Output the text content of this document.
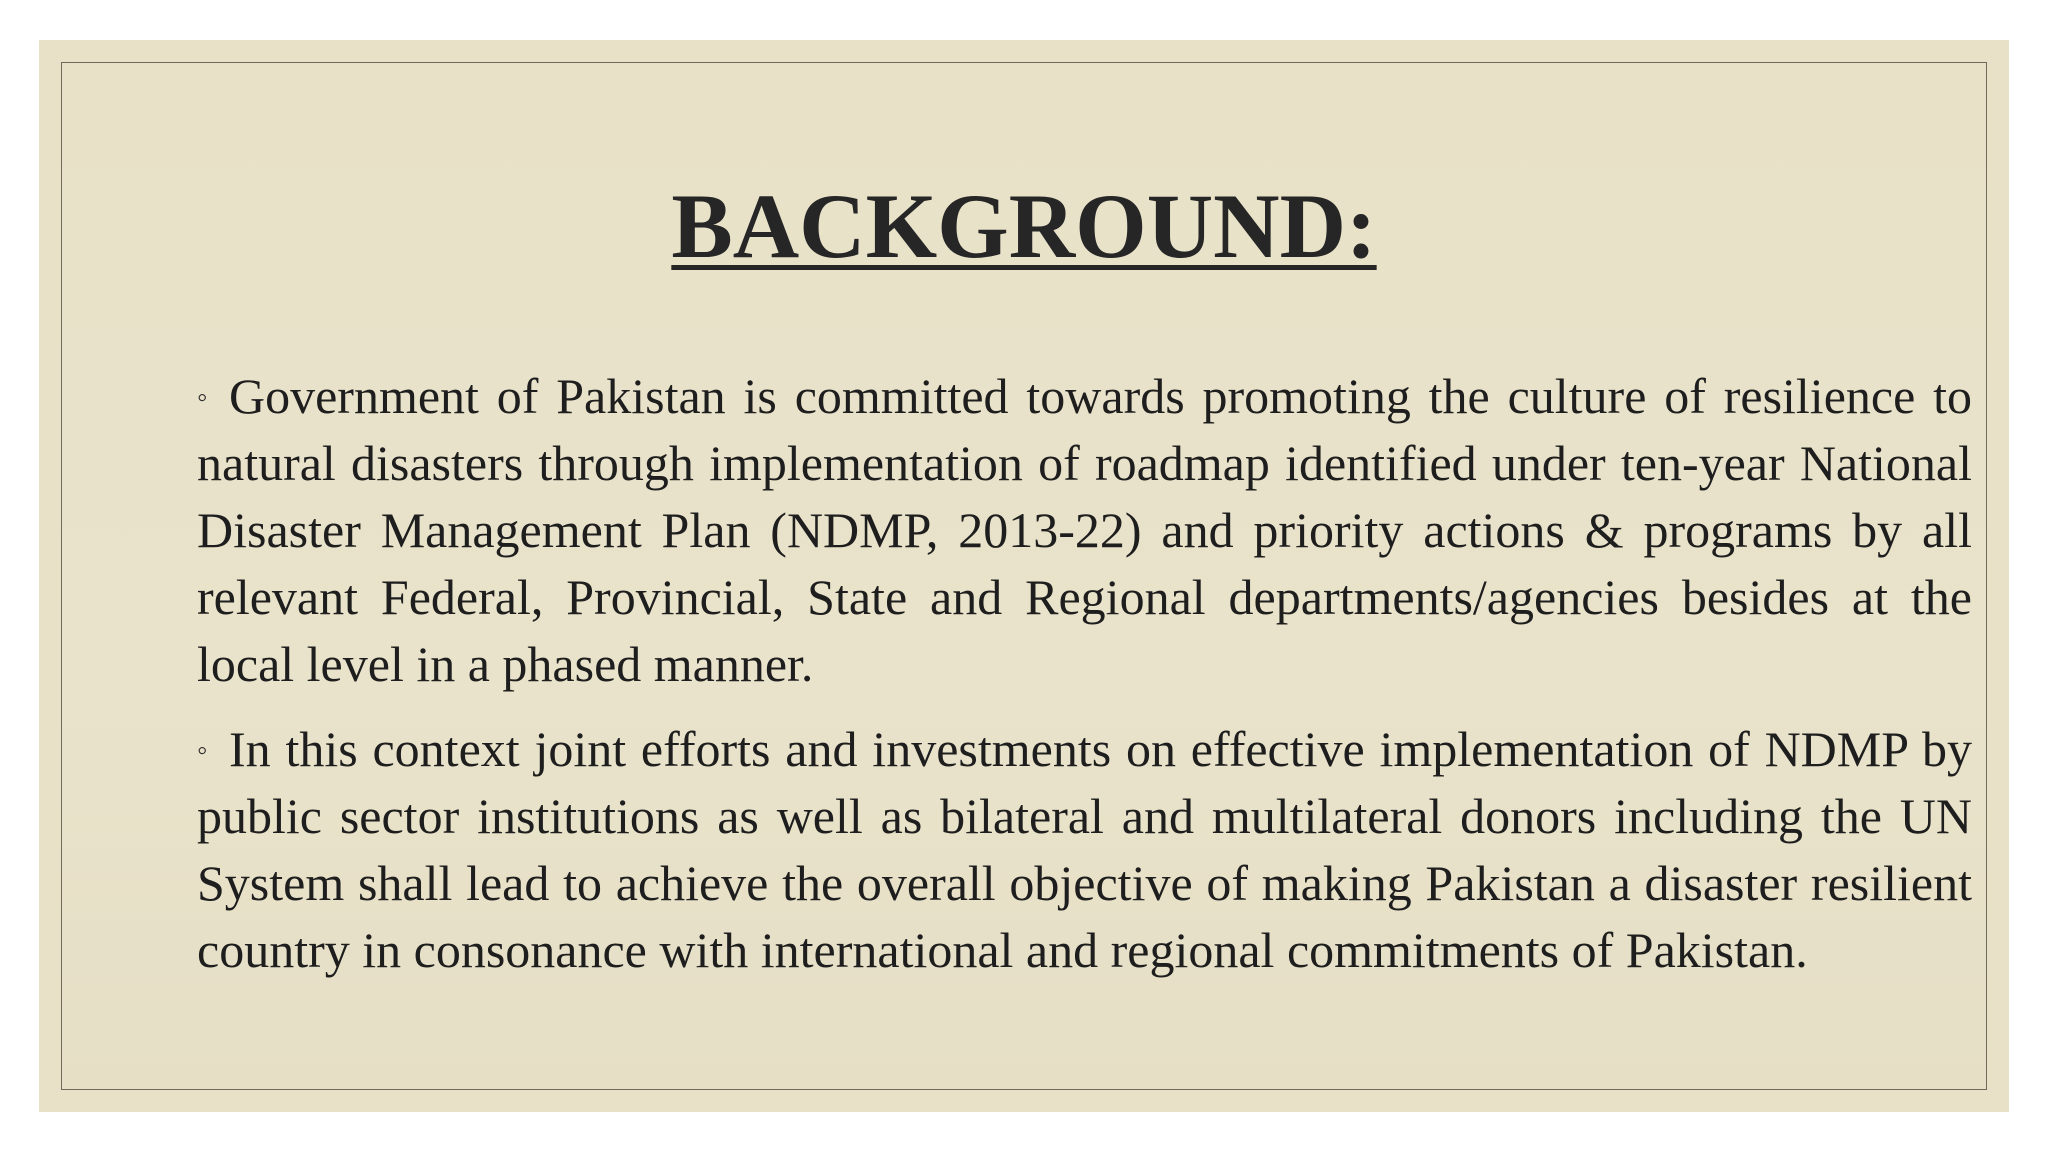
BACKGROUND:

◦ Government of Pakistan is committed towards promoting the culture of resilience to natural disasters through implementation of roadmap identified under ten-year National Disaster Management Plan (NDMP, 2013-22) and priority actions & programs by all relevant Federal, Provincial, State and Regional departments/agencies besides at the local level in a phased manner.

◦ In this context joint efforts and investments on effective implementation of NDMP by public sector institutions as well as bilateral and multilateral donors including the UN System shall lead to achieve the overall objective of making Pakistan a disaster resilient country in consonance with international and regional commitments of Pakistan.
